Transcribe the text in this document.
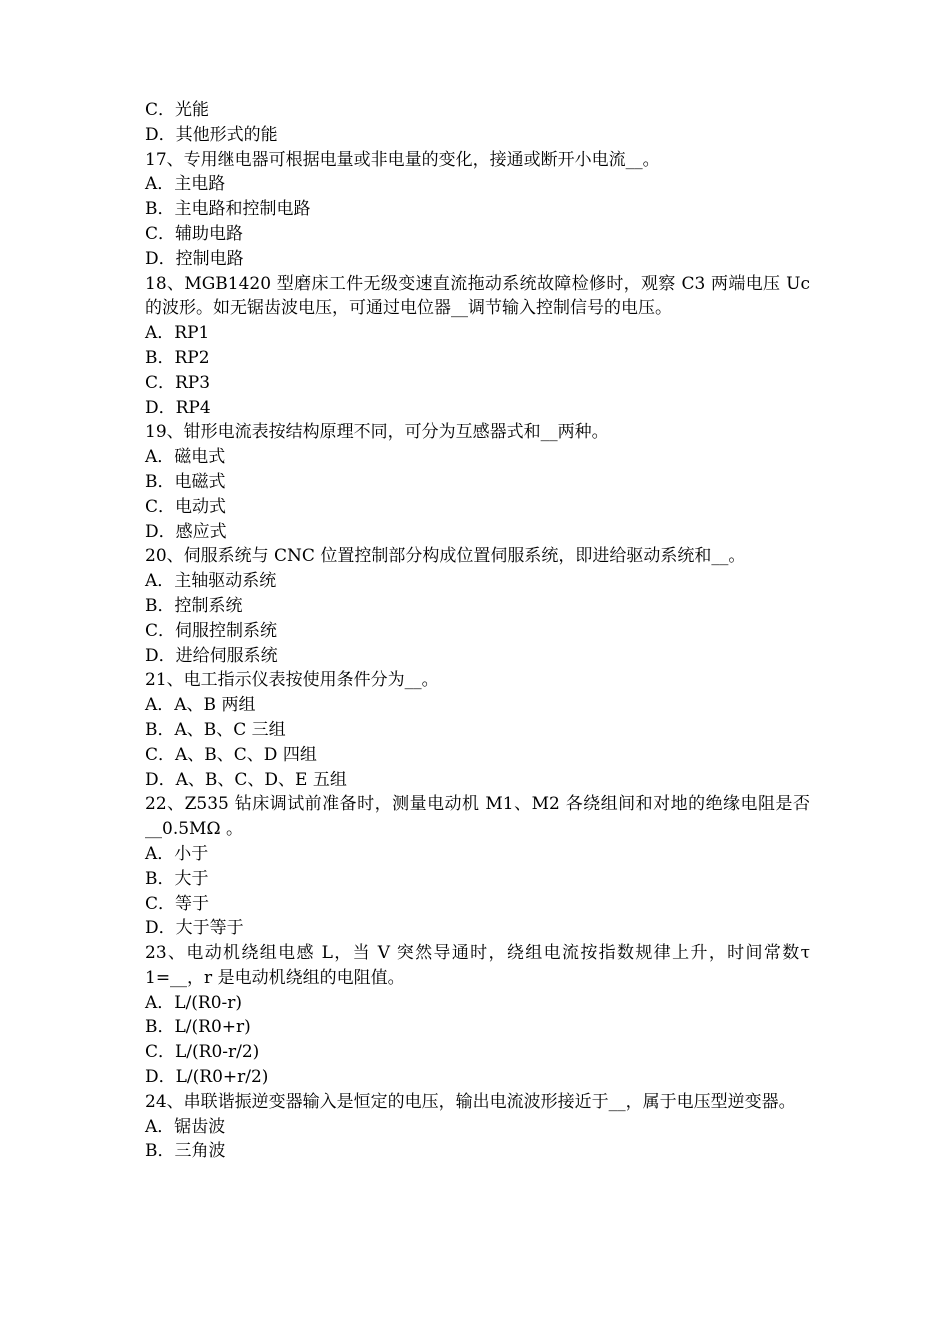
C．光能
D．其他形式的能
17、专用继电器可根据电量或非电量的变化，接通或断开小电流__。
A．主电路
B．主电路和控制电路
C．辅助电路
D．控制电路
18、MGB1420 型磨床工件无级变速直流拖动系统故障检修时，观察 C3 两端电压 Uc 的波形。如无锯齿波电压，可通过电位器__调节输入控制信号的电压。
A．RP1
B．RP2
C．RP3
D．RP4
19、钳形电流表按结构原理不同，可分为互感器式和__两种。
A．磁电式
B．电磁式
C．电动式
D．感应式
20、伺服系统与 CNC 位置控制部分构成位置伺服系统，即进给驱动系统和__。
A．主轴驱动系统
B．控制系统
C．伺服控制系统
D．进给伺服系统
21、电工指示仪表按使用条件分为__。
A．A、B 两组
B．A、B、C 三组
C．A、B、C、D 四组
D．A、B、C、D、E 五组
22、Z535 钻床调试前准备时，测量电动机 M1、M2 各绕组间和对地的绝缘电阻是否__0.5MΩ 。
A．小于
B．大于
C．等于
D．大于等于
23、电动机绕组电感 L，当 V 突然导通时，绕组电流按指数规律上升，时间常数τ 1=__，r 是电动机绕组的电阻值。
A．L/(R0-r)
B．L/(R0+r)
C．L/(R0-r/2)
D．L/(R0+r/2)
24、串联谐振逆变器输入是恒定的电压，输出电流波形接近于__，属于电压型逆变器。
A．锯齿波
B．三角波
